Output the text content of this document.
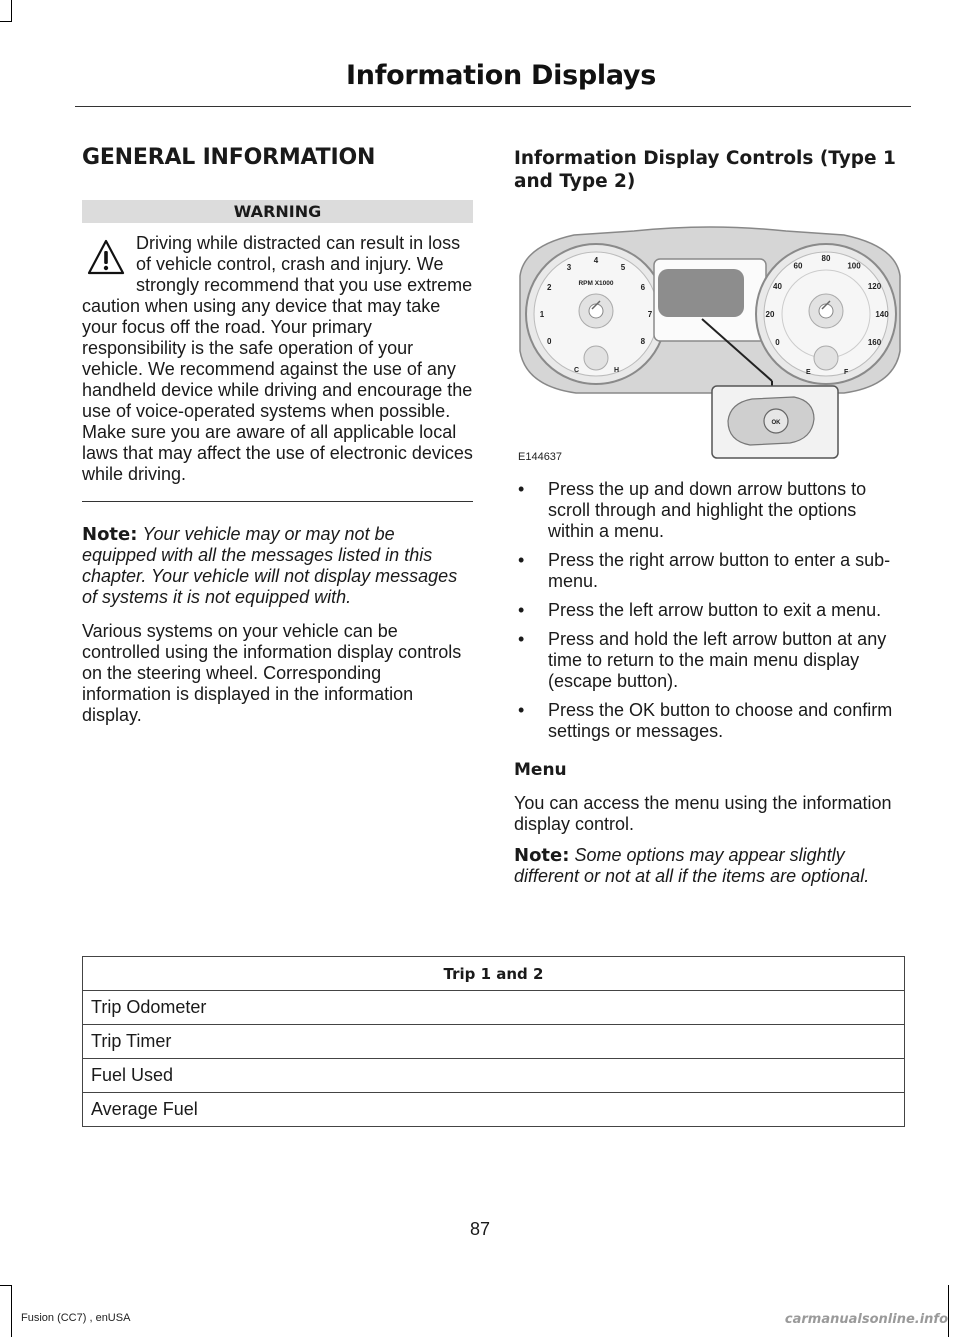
Information Displays
GENERAL INFORMATION
WARNING

Driving while distracted can result in loss of vehicle control, crash and injury. We strongly recommend that you use extreme caution when using any device that may take your focus off the road. Your primary responsibility is the safe operation of your vehicle. We recommend against the use of any handheld device while driving and encourage the use of voice-operated systems when possible. Make sure you are aware of all applicable local laws that may affect the use of electronic devices while driving.

Note: Your vehicle may or may not be equipped with all the messages listed in this chapter. Your vehicle will not display messages of systems it is not equipped with.

Various systems on your vehicle can be controlled using the information display controls on the steering wheel. Corresponding information is displayed in the information display.

Information Display Controls (Type 1 and Type 2)
RPM X1000
0
1
2
3
4
5
6
7
8
C	H
0
20
40
60
80
100
120
140
160
E	F
OK
E144637
• Press the up and down arrow buttons to scroll through and highlight the options within a menu.
• Press the right arrow button to enter a sub-menu.
• Press the left arrow button to exit a menu.
• Press and hold the left arrow button at any time to return to the main menu display (escape button).
• Press the OK button to choose and confirm settings or messages.
Menu

You can access the menu using the information display control.

Note: Some options may appear slightly different or not at all if the items are optional.

Trip 1 and 2
Trip Odometer
Trip Timer
Fuel Used
Average Fuel
87
Fusion (CC7) , enUSA	carmanualsonline.info
